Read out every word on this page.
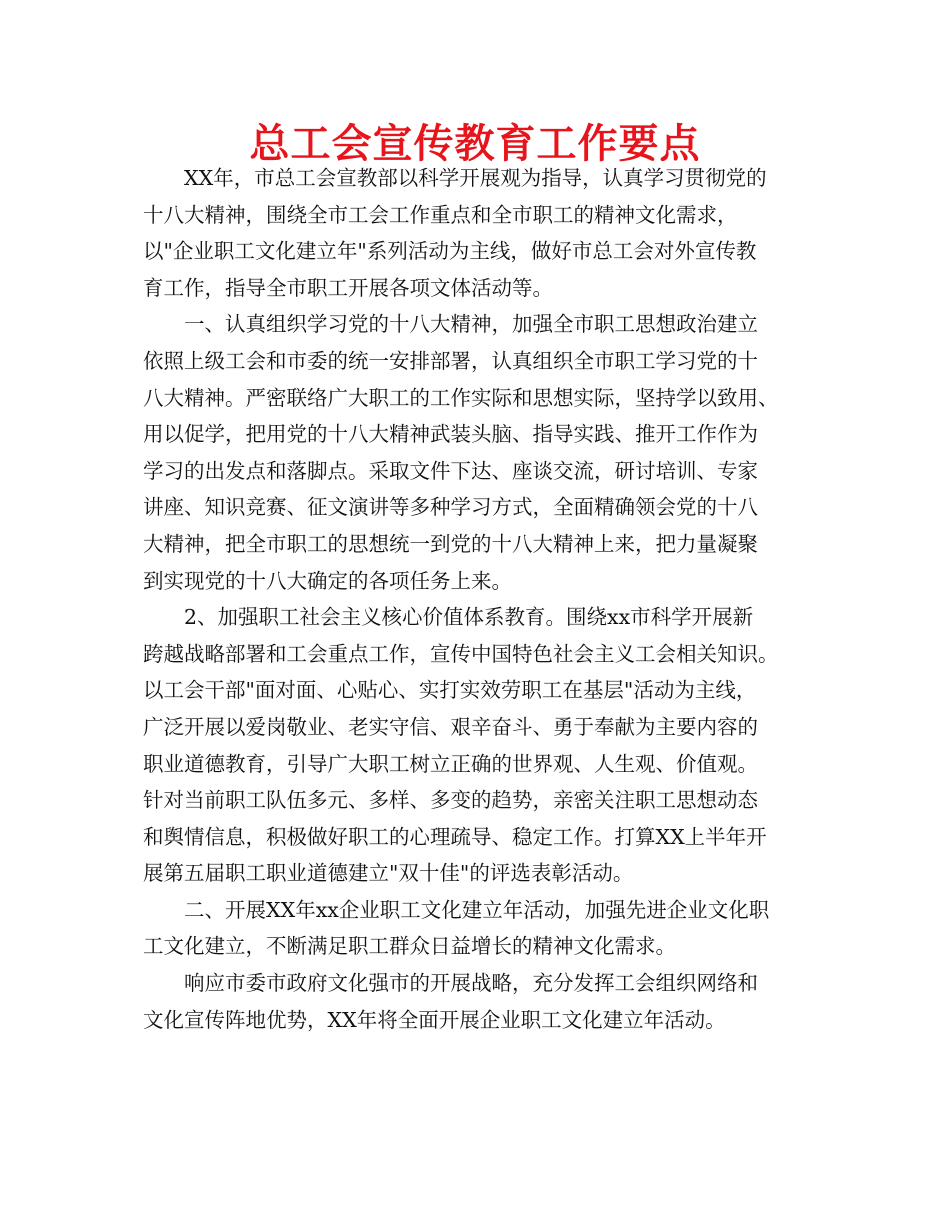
总工会宣传教育工作要点
XX年，市总工会宣教部以科学开展观为指导，认真学习贯彻党的
十八大精神，围绕全市工会工作重点和全市职工的精神文化需求，
以"企业职工文化建立年"系列活动为主线，做好市总工会对外宣传教
育工作，指导全市职工开展各项文体活动等。
一、认真组织学习党的十八大精神，加强全市职工思想政治建立
依照上级工会和市委的统一安排部署，认真组织全市职工学习党的十
八大精神。严密联络广大职工的工作实际和思想实际，坚持学以致用、
用以促学，把用党的十八大精神武装头脑、指导实践、推开工作作为
学习的出发点和落脚点。采取文件下达、座谈交流，研讨培训、专家
讲座、知识竞赛、征文演讲等多种学习方式，全面精确领会党的十八
大精神，把全市职工的思想统一到党的十八大精神上来，把力量凝聚
到实现党的十八大确定的各项任务上来。
2、加强职工社会主义核心价值体系教育。围绕xx市科学开展新
跨越战略部署和工会重点工作，宣传中国特色社会主义工会相关知识。
以工会干部"面对面、心贴心、实打实效劳职工在基层"活动为主线，
广泛开展以爱岗敬业、老实守信、艰辛奋斗、勇于奉献为主要内容的
职业道德教育，引导广大职工树立正确的世界观、人生观、价值观。
针对当前职工队伍多元、多样、多变的趋势，亲密关注职工思想动态
和舆情信息，积极做好职工的心理疏导、稳定工作。打算XX上半年开
展第五届职工职业道德建立"双十佳"的评选表彰活动。
二、开展XX年xx企业职工文化建立年活动，加强先进企业文化职
工文化建立，不断满足职工群众日益增长的精神文化需求。
响应市委市政府文化强市的开展战略，充分发挥工会组织网络和
文化宣传阵地优势，XX年将全面开展企业职工文化建立年活动。
